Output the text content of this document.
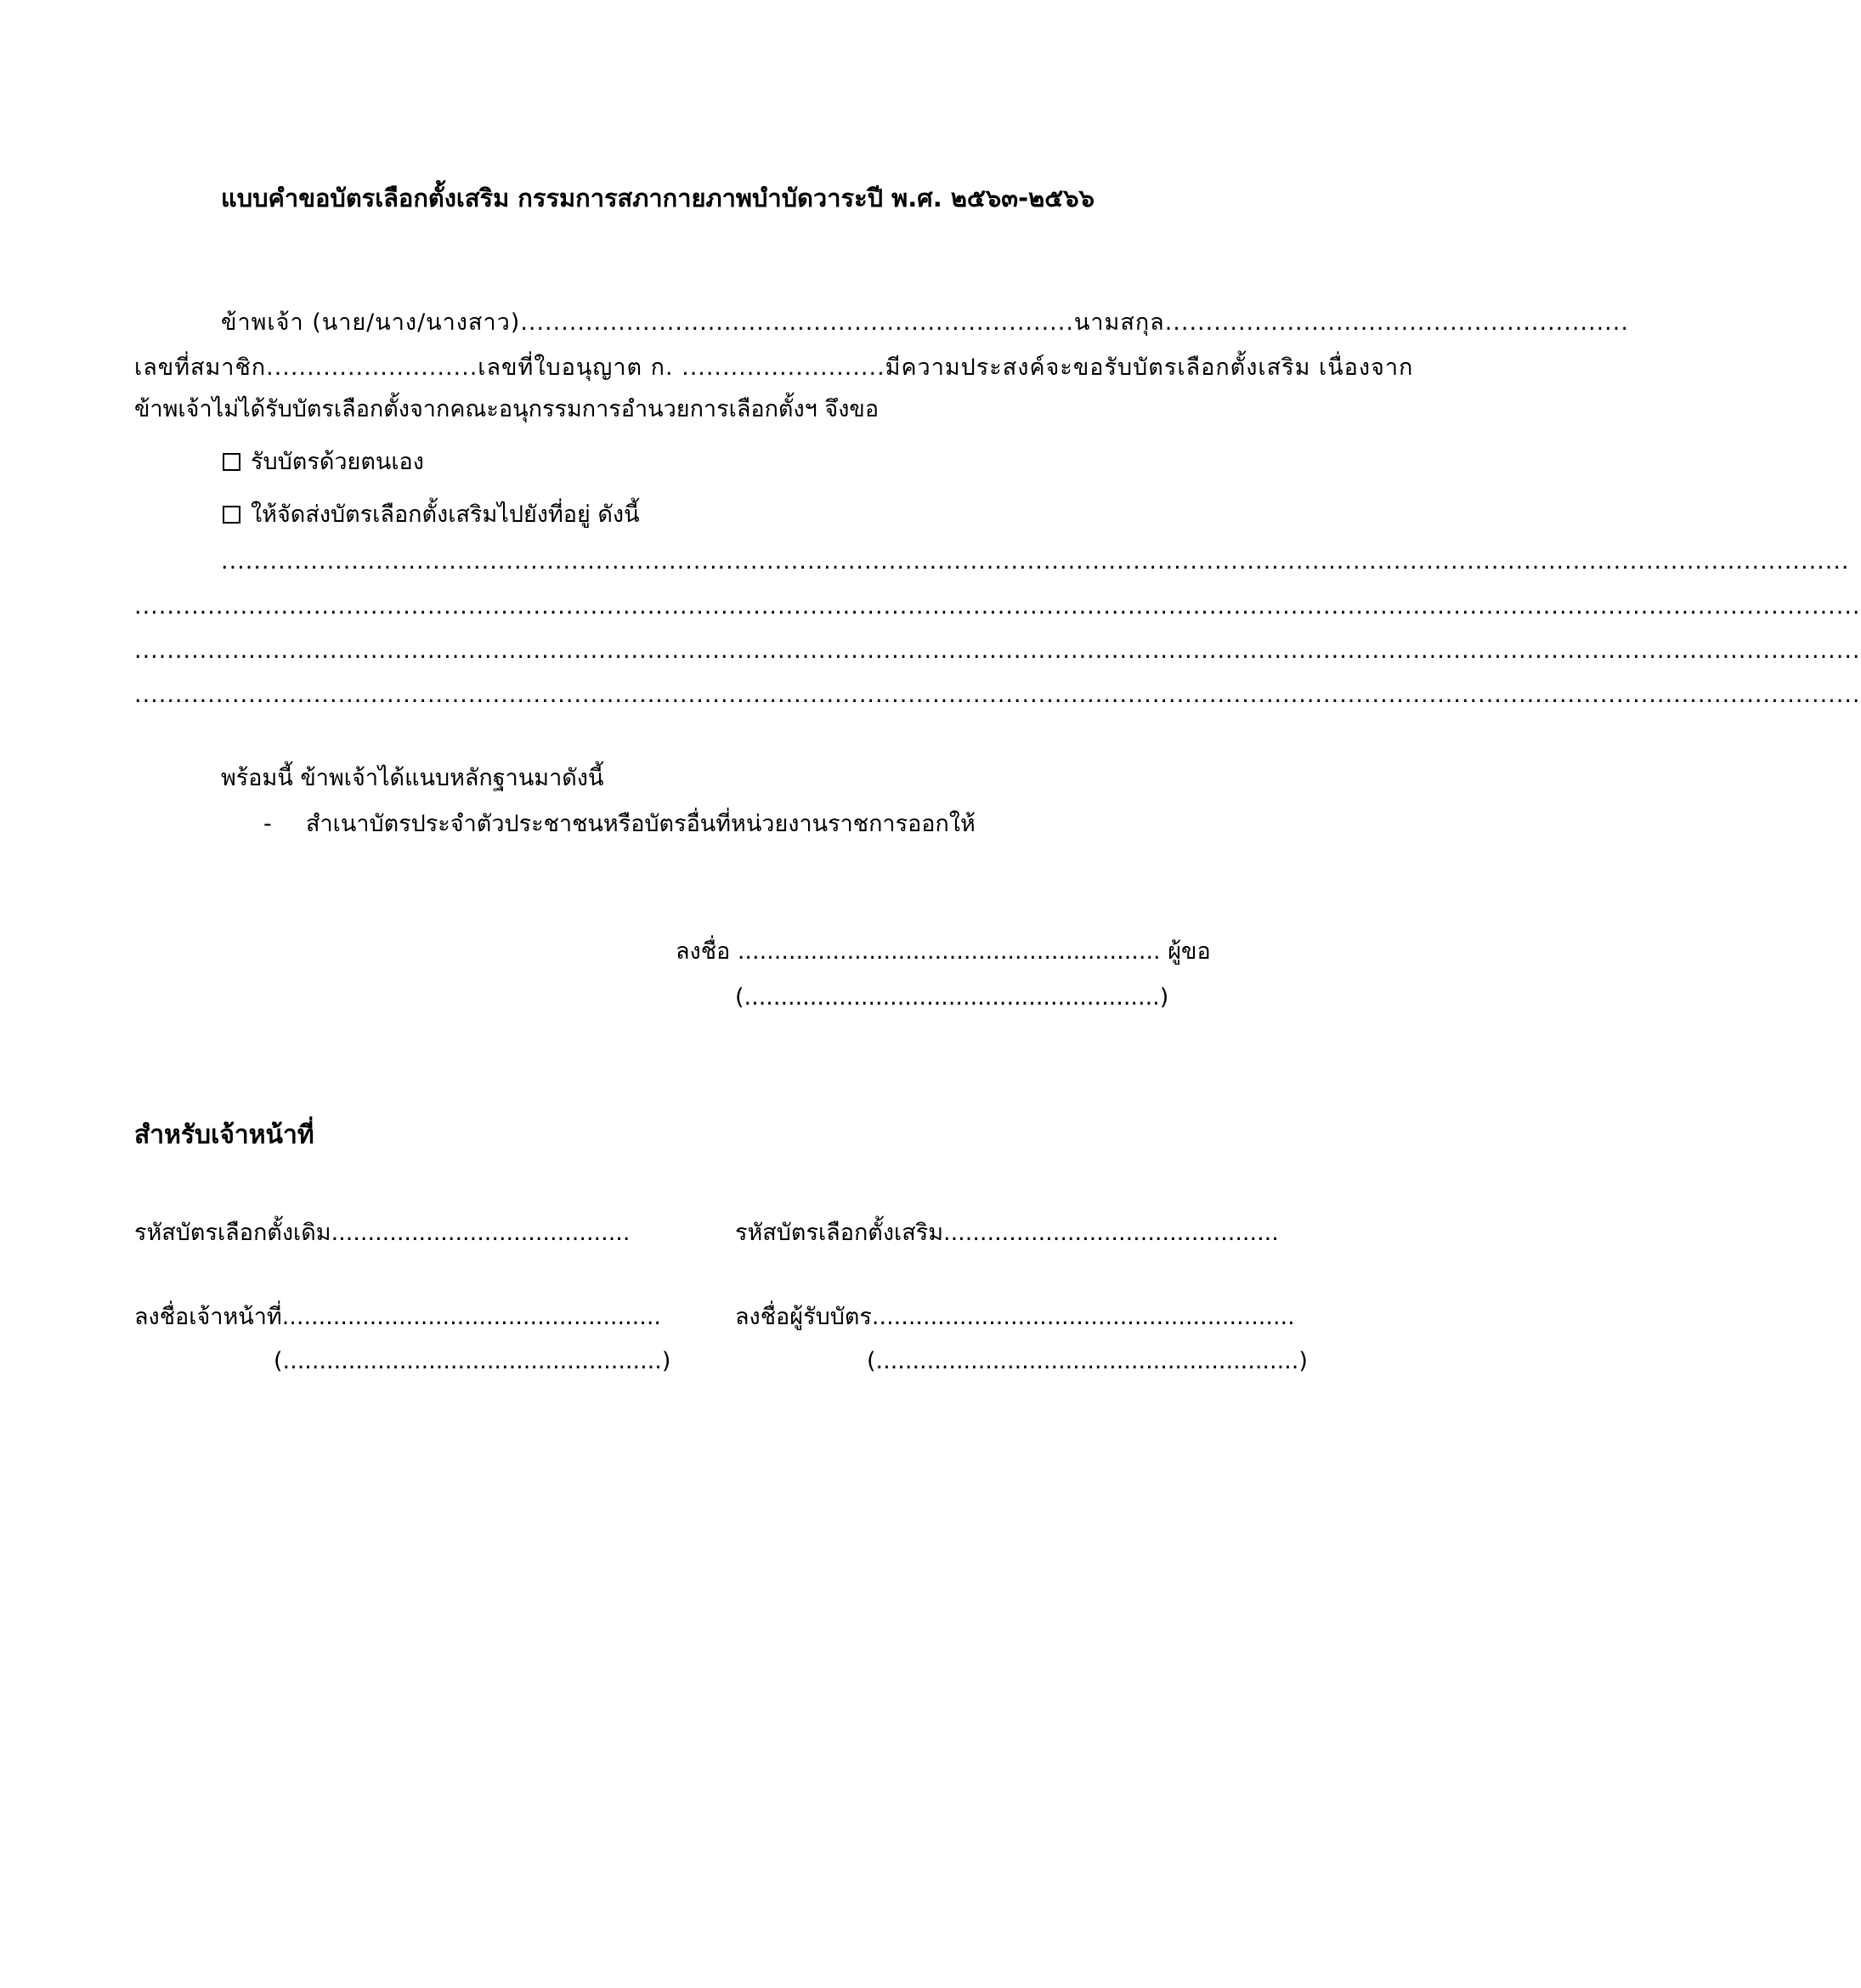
แบบคำขอบัตรเลือกตั้งเสริม กรรมการสภากายภาพบำบัดวาระปี พ.ศ. ๒๕๖๓-๒๕๖๖
ข้าพเจ้า (นาย/นาง/นางสาว)....................................................................นามสกุล.........................................................
เลขที่สมาชิก..........................เลขที่ใบอนุญาต ก. .........................มีความประสงค์จะขอรับบัตรเลือกตั้งเสริม เนื่องจาก
ข้าพเจ้าไม่ได้รับบัตรเลือกตั้งจากคณะอนุกรรมการอำนวยการเลือกตั้งฯ จึงขอ
รับบัตรด้วยตนเอง
ให้จัดส่งบัตรเลือกตั้งเสริมไปยังที่อยู่ ดังนี้
........................................................................................................................................................................................................
....................................................................................................................................................................................................................
....................................................................................................................................................................................................................
....................................................................................................................................................................................................................
พร้อมนี้ ข้าพเจ้าได้แนบหลักฐานมาดังนี้
- สำเนาบัตรประจำตัวประชาชนหรือบัตรอื่นที่หน่วยงานราชการออกให้
ลงชื่อ .......................................................... ผู้ขอ
(.........................................................)
สำหรับเจ้าหน้าที่
รหัสบัตรเลือกตั้งเดิม.........................................	รหัสบัตรเลือกตั้งเสริม..............................................
ลงชื่อเจ้าหน้าที่....................................................	ลงชื่อผู้รับบัตร..........................................................
(....................................................)	(..........................................................)
